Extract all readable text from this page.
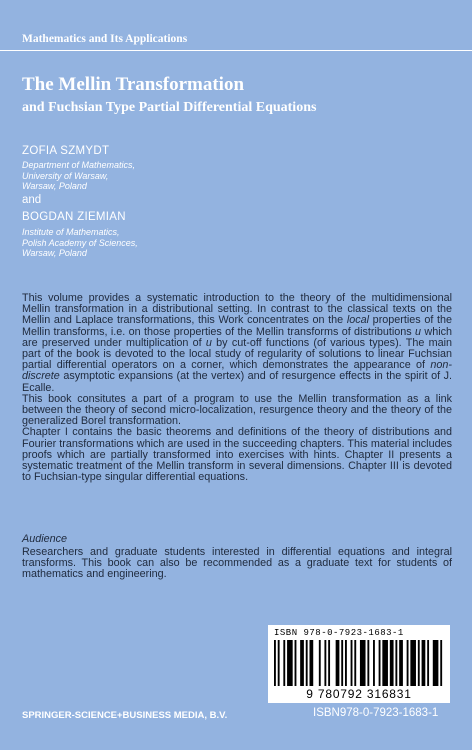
Mathematics and Its Applications
The Mellin Transformation
and Fuchsian Type Partial Differential Equations
ZOFIA SZMYDT
Department of Mathematics,
University of Warsaw,
Warsaw, Poland
and
BOGDAN ZIEMIAN
Institute of Mathematics,
Polish Academy of Sciences,
Warsaw, Poland

This volume provides a systematic introduction to the theory of the multidimensional Mellin transformation in a distributional setting. In contrast to the classical texts on the Mellin and Laplace transformations, this Work concentrates on the local properties of the Mellin transforms, i.e. on those properties of the Mellin transforms of distributions u which are preserved under multiplication of u by cut-off functions (of various types). The main part of the book is devoted to the local study of regularity of solutions to linear Fuchsian partial differential operators on a corner, which demonstrates the appearance of non-discrete asymptotic expansions (at the vertex) and of resurgence effects in the spirit of J. Ecalle.

This book consitutes a part of a program to use the Mellin transformation as a link between the theory of second micro-localization, resurgence theory and the theory of the generalized Borel transformation.

Chapter I contains the basic theorems and definitions of the theory of distributions and Fourier transformations which are used in the succeeding chapters. This material includes proofs which are partially transformed into exercises with hints. Chapter II presents a systematic treatment of the Mellin transform in several dimensions. Chapter III is devoted to Fuchsian-type singular differential equations.

Audience
Researchers and graduate students interested in differential equations and integral transforms. This book can also be recommended as a graduate text for students of mathematics and engineering.
ISBN 978-0-7923-1683-1
9 780792 316831
SPRINGER-SCIENCE+BUSINESS MEDIA, B.V.	ISBN978-0-7923-1683-1
